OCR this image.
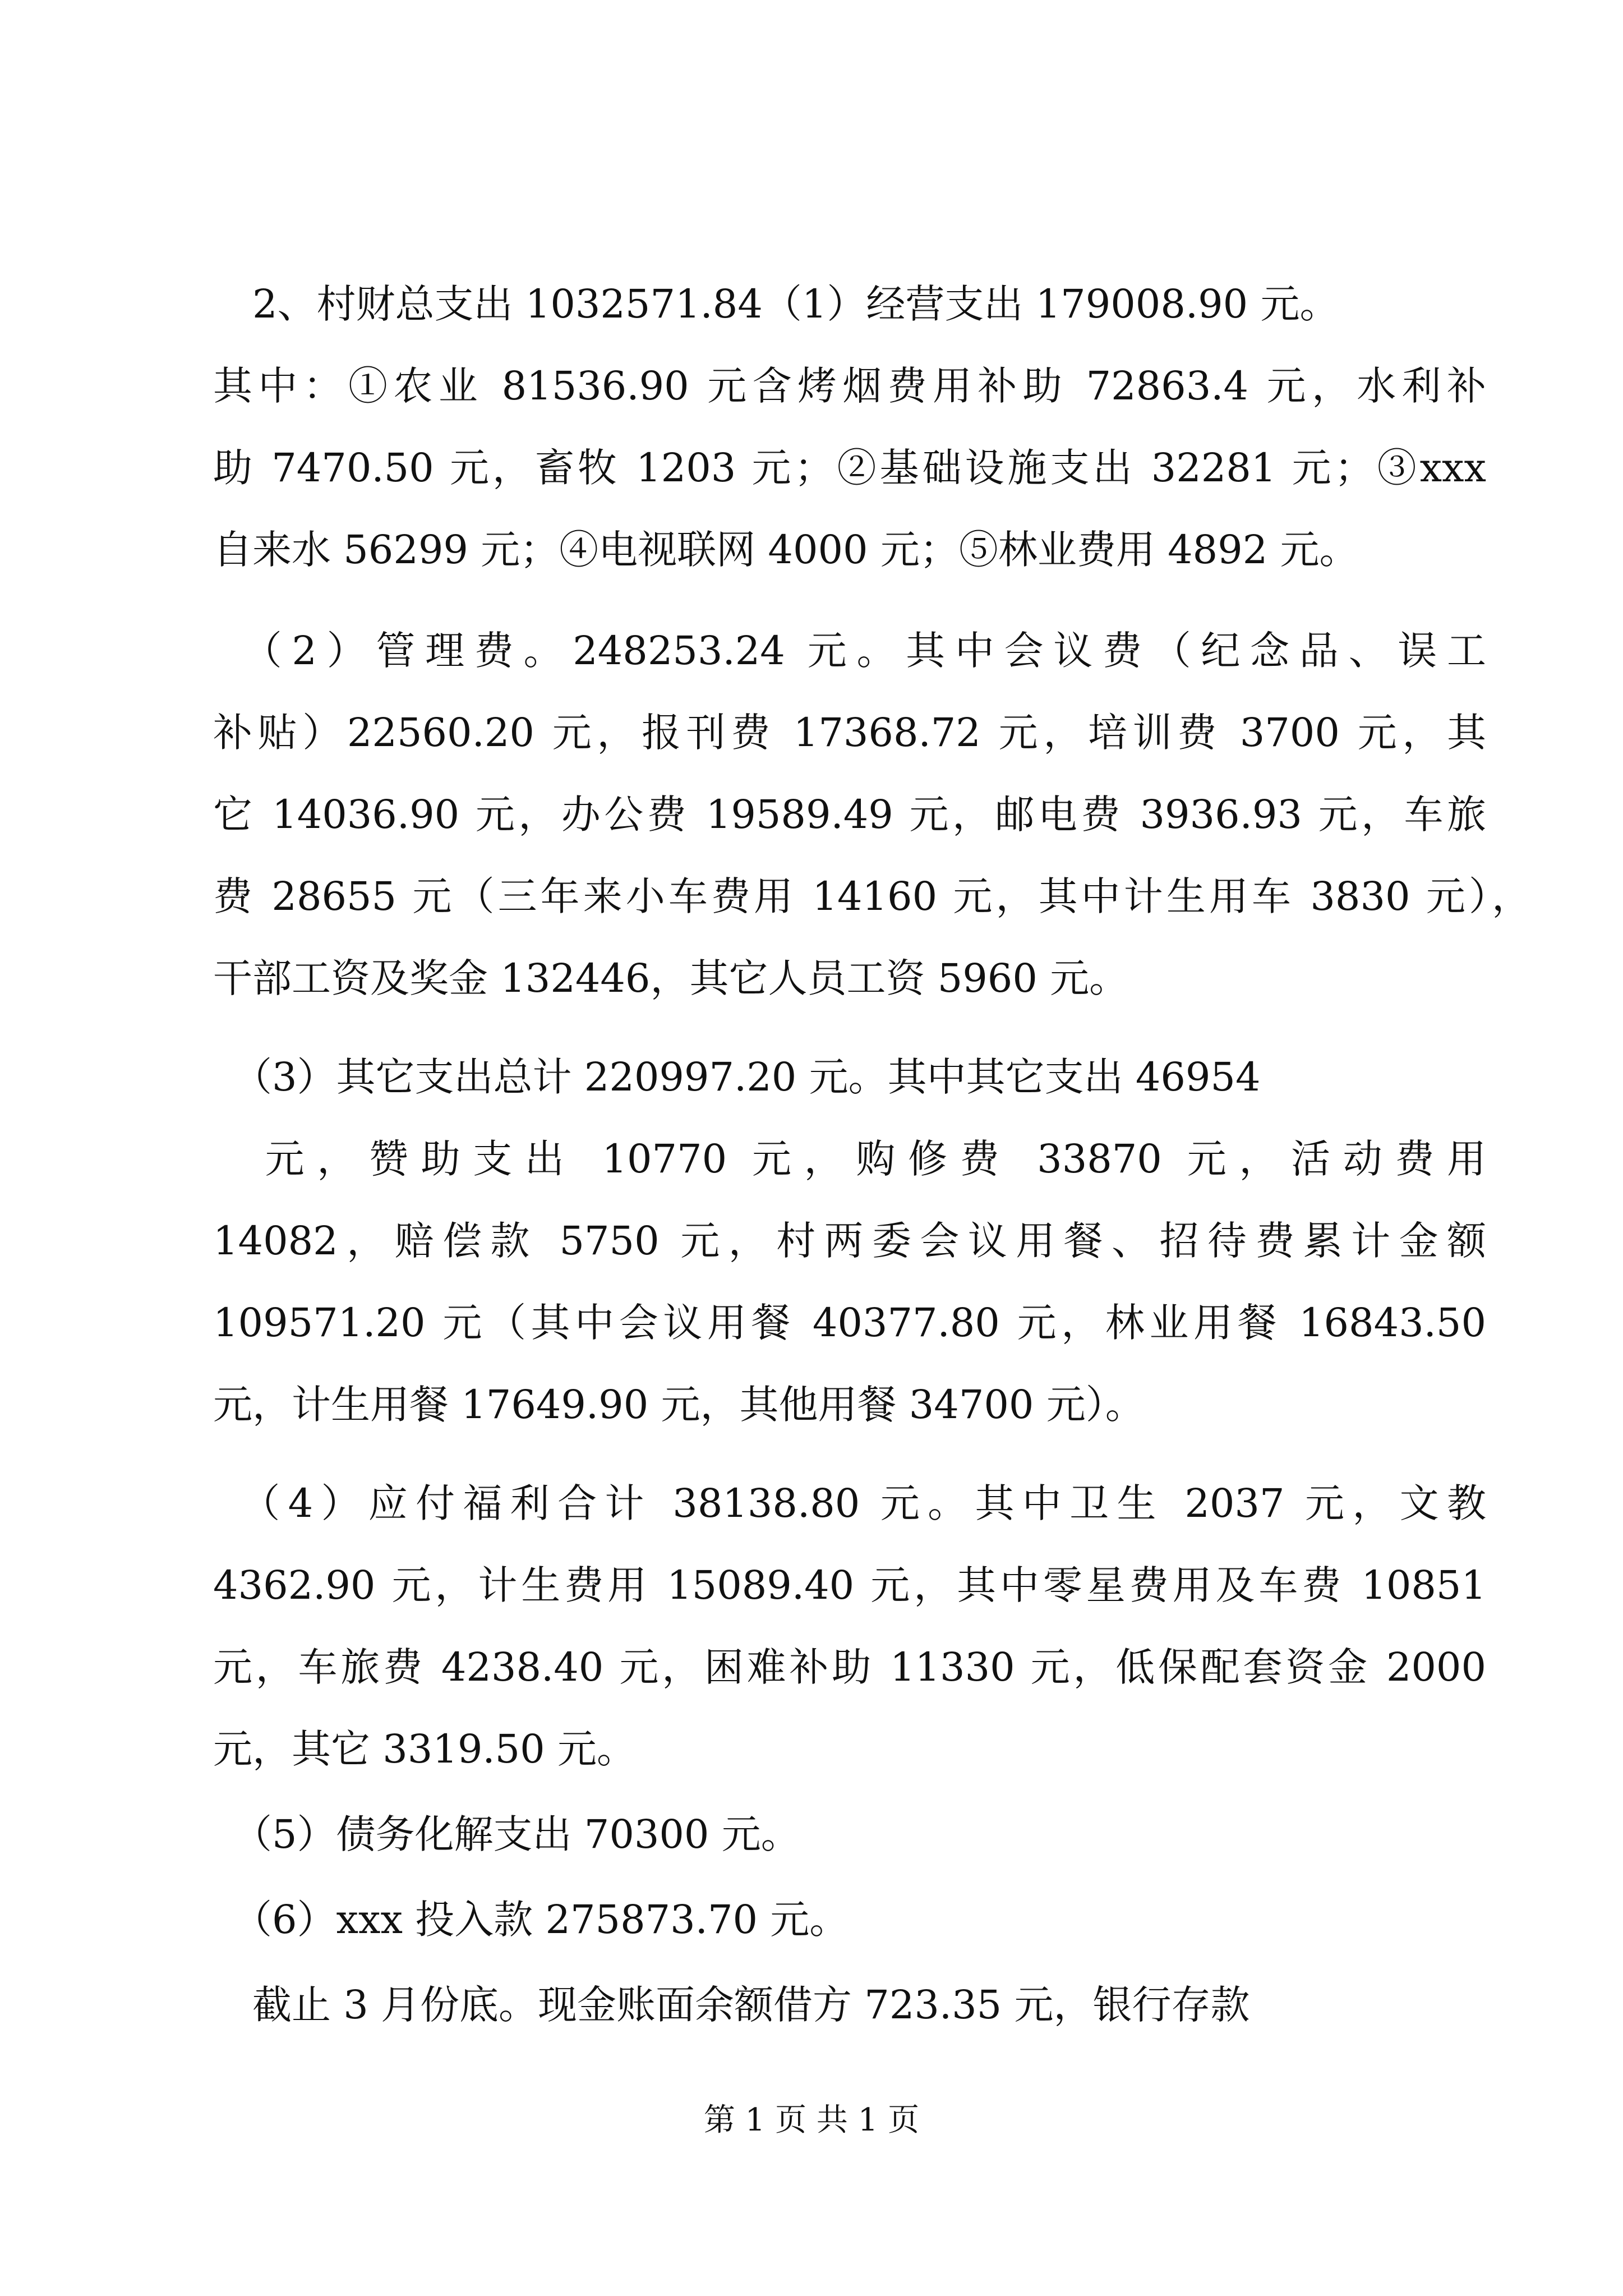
　2、村财总支出 1032571.84（1）经营支出 179008.90 元。
其中：①农业 81536.90 元含烤烟费用补助 72863.4 元，水利补
助 7470.50 元，畜牧 1203 元；②基础设施支出 32281 元；③xxx
自来水 56299 元；④电视联网 4000 元；⑤林业费用 4892 元。
　（2）管理费。248253.24 元。其中会议费（纪念品、误工
补贴）22560.20 元，报刊费 17368.72 元，培训费 3700 元，其
它 14036.90 元，办公费 19589.49 元，邮电费 3936.93 元，车旅
费 28655 元（三年来小车费用 14160 元，其中计生用车 3830 元），
干部工资及奖金 132446，其它人员工资 5960 元。
　（3）其它支出总计 220997.20 元。其中其它支出 46954
　元，赞助支出 10770 元，购修费 33870 元，活动费用
14082，赔偿款 5750 元，村两委会议用餐、招待费累计金额
109571.20 元（其中会议用餐 40377.80 元，林业用餐 16843.50
元，计生用餐 17649.90 元，其他用餐 34700 元）。
　（4）应付福利合计 38138.80 元。其中卫生 2037 元，文教
4362.90 元，计生费用 15089.40 元，其中零星费用及车费 10851
元，车旅费 4238.40 元，困难补助 11330 元，低保配套资金 2000
元，其它 3319.50 元。
　（5）债务化解支出 70300 元。
　（6）xxx 投入款 275873.70 元。
　截止 3 月份底。现金账面余额借方 723.35 元，银行存款
第 1 页 共 1 页
